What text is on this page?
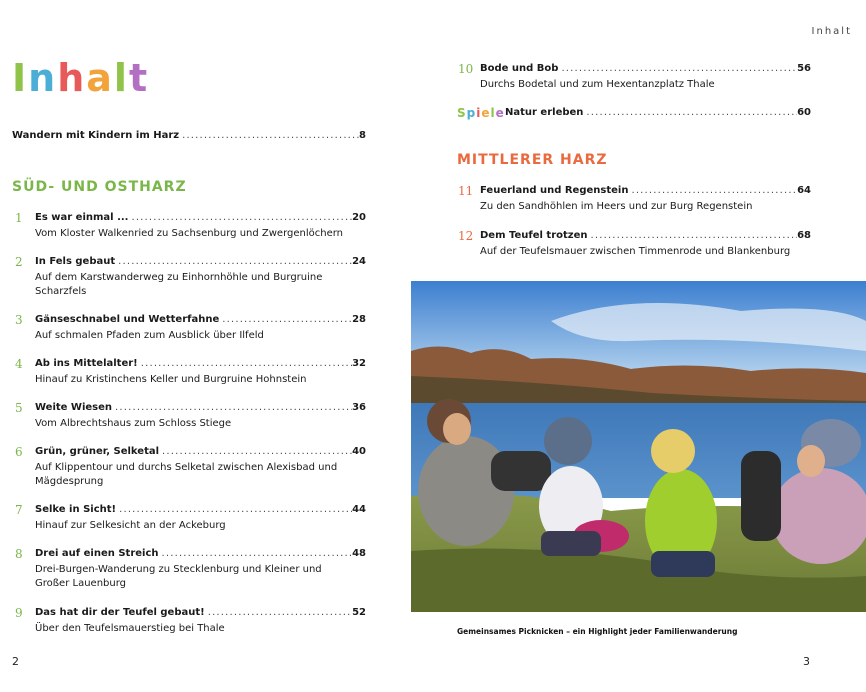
Inhalt
Inhalt
Wandern mit Kindern im Harz . . .	8
SÜD- UND OSTHARZ
1 Es war einmal ... . . .	20
Vom Kloster Walkenried zu Sachsenburg und Zwergenlöchern
2 In Fels gebaut . . .	24
Auf dem Karstwanderweg zu Einhornhöhle und Burgruine
Scharzfels
3 Gänseschnabel und Wetterfahne . . .	28
Auf schmalen Pfaden zum Ausblick über Ilfeld
4 Ab ins Mittelalter! . . .	32
Hinauf zu Kristinchens Keller und Burgruine Hohnstein
5 Weite Wiesen . . .	36
Vom Albrechtshaus zum Schloss Stiege
6 Grün, grüner, Selketal . . .	40
Auf Klippentour und durchs Selketal zwischen Alexisbad und
Mägdesprung
7 Selke in Sicht! . . .	44
Hinauf zur Selkesicht an der Ackeburg
8 Drei auf einen Streich . . .	48
Drei-Burgen-Wanderung zu Stecklenburg und Kleiner und
Großer Lauenburg
9 Das hat dir der Teufel gebaut! . . .	52
Über den Teufelsmauerstieg bei Thale
10 Bode und Bob . . .	56
Durchs Bodetal und zum Hexentanzplatz Thale
Spiele Natur erleben . . .	60
MITTLERER HARZ
11 Feuerland und Regenstein . . .	64
Zu den Sandhöhlen im Heers und zur Burg Regenstein
12 Dem Teufel trotzen . . .	68
Auf der Teufelsmauer zwischen Timmenrode und Blankenburg
Gemeinsames Picknicken – ein Highlight jeder Familienwanderung
2	3
